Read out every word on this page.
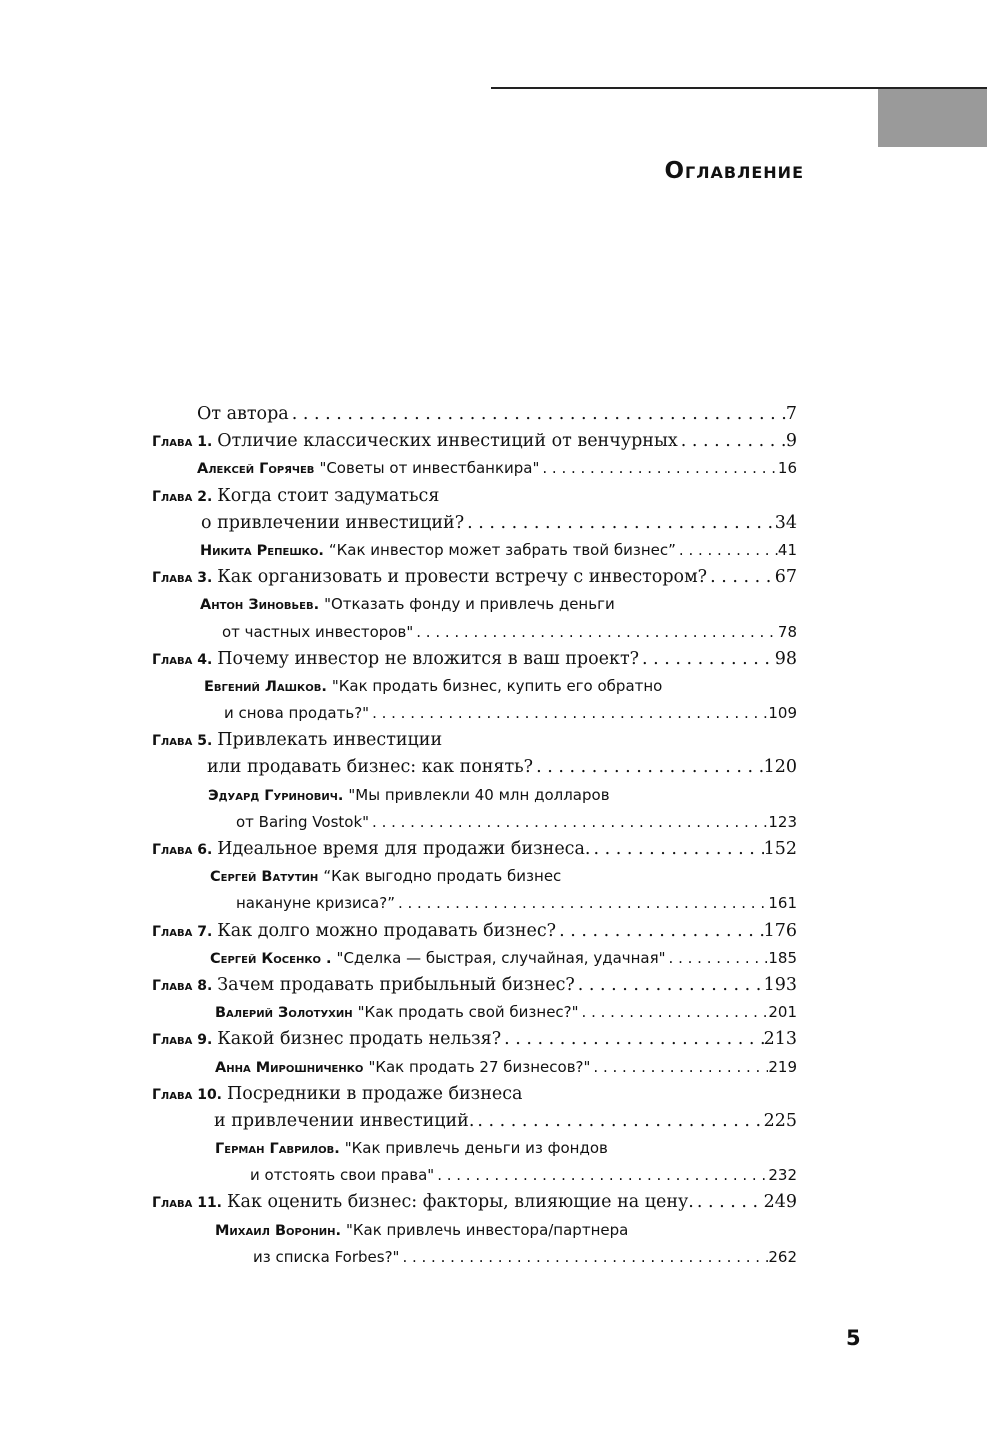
Оглавление
От автора . . .	7
Глава 1. Отличие классических инвестиций от венчурных . . .	9
Алексей Горячев "Советы от инвестбанкира" . . .	16
Глава 2. Когда стоит задуматься
о привлечении инвестиций? . . .	34
Никита Репешко. “Как инвестор может забрать твой бизнес” . . .	41
Глава 3. Как организовать и провести встречу с инвестором? . . .	67
Антон Зиновьев. "Отказать фонду и привлечь деньги
от частных инвесторов" . . .	78
Глава 4. Почему инвестор не вложится в ваш проект? . . .	98
Евгений Лашков. "Как продать бизнес, купить его обратно
и снова продать?" . . .	109
Глава 5. Привлекать инвестиции
или продавать бизнес: как понять? . . .	120
Эдуард Гуринович. "Мы привлекли 40 млн долларов
от Baring Vostok" . . .	123
Глава 6. Идеальное время для продажи бизнеса. . . .	152
Сергей Ватутин “Как выгодно продать бизнес
накануне кризиса?” . . .	161
Глава 7. Как долго можно продавать бизнес? . . .	176
Сергей Косенко . "Сделка — быстрая, случайная, удачная" . . .	185
Глава 8. Зачем продавать прибыльный бизнес? . . .	193
Валерий Золотухин "Как продать свой бизнес?" . . .	201
Глава 9. Какой бизнес продать нельзя? . . .	213
Анна Мирошниченко "Как продать 27 бизнесов?" . . .	219
Глава 10. Посредники в продаже бизнеса
и привлечении инвестиций. . . .	225
Герман Гаврилов. "Как привлечь деньги из фондов
и отстоять свои права" . . .	232
Глава 11. Как оценить бизнес: факторы, влияющие на цену. . . .	249
Михаил Воронин. "Как привлечь инвестора/партнера
из списка Forbes?" . . .	262
5
